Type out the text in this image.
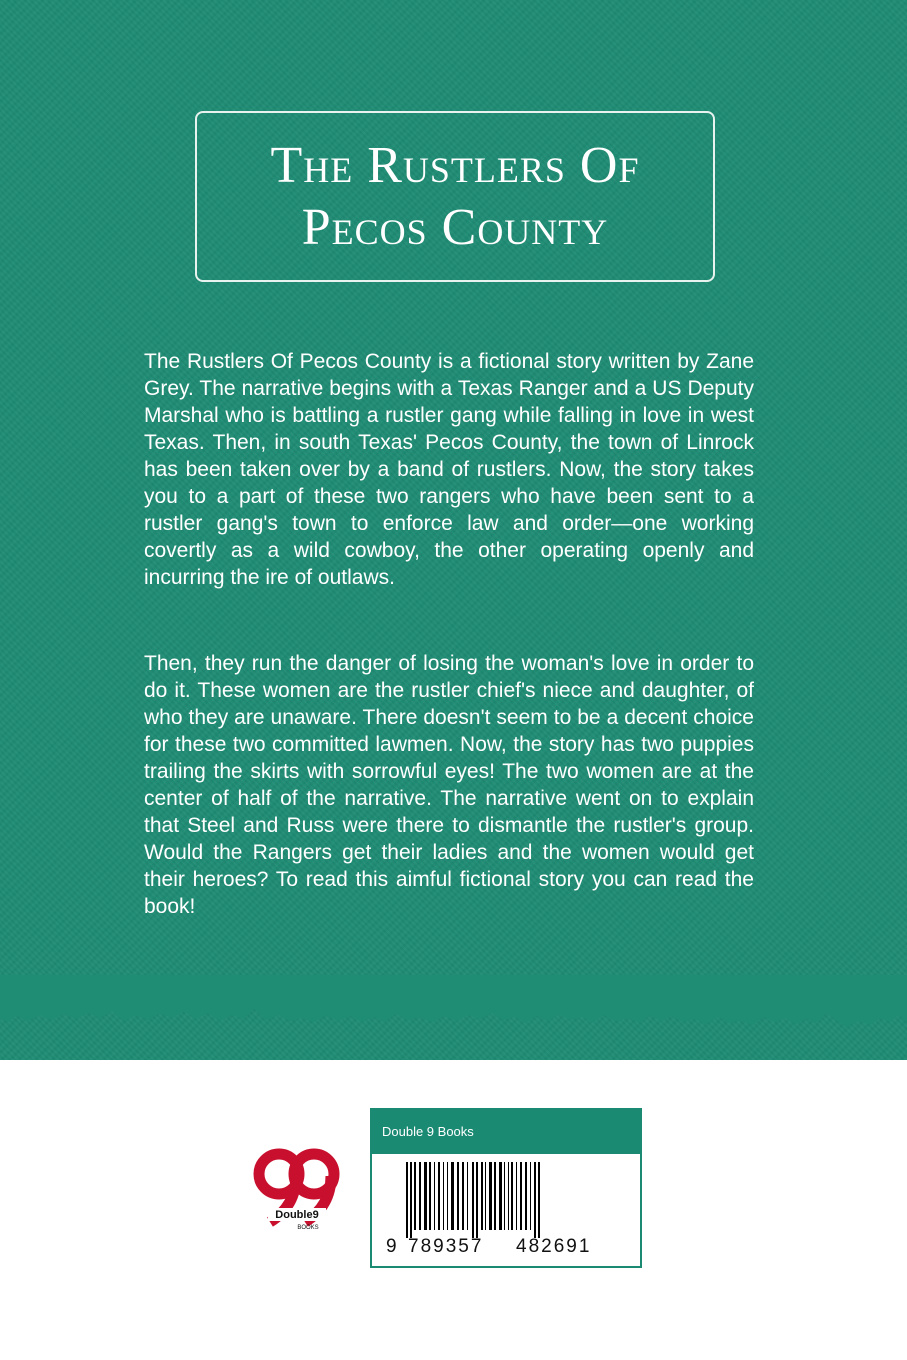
The Rustlers Of
Pecos County

The Rustlers Of Pecos County is a fictional story written by Zane Grey. The narrative begins with a Texas Ranger and a US Deputy Marshal who is battling a rustler gang while falling in love in west Texas. Then, in south Texas' Pecos County, the town of Linrock has been taken over by a band of rustlers. Now, the story takes you to a part of these two rangers who have been sent to a rustler gang's town to enforce law and order—one working covertly as a wild cowboy, the other operating openly and incurring the ire of outlaws.

Then, they run the danger of losing the woman's love in order to do it. These women are the rustler chief's niece and daughter, of who they are unaware. There doesn't seem to be a decent choice for these two committed lawmen. Now, the story has two puppies trailing the skirts with sorrowful eyes! The two women are at the center of half of the narrative. The narrative went on to explain that Steel and Russ were there to dismantle the rustler's group. Would the Rangers get their ladies and the women would get their heroes? To read this aimful fictional story you can read the book!

Double9
BOOKS
Double 9 Books
9 789357 482691
